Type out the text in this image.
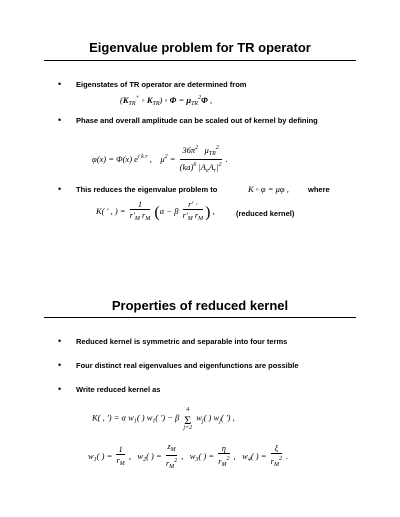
Eigenvalue problem for TR operator
• Eigenstates of TR operator are determined from
($K_{TR}^+$ ◦ $K_{TR}$) ◦ $\Phi = \mu_{TR}^2\Phi$ ,
• Phase and overall amplitude can be scaled out of kernel by defining
φ(x) = Φ(x) $e^{i k r}$ ,    $\mu^2 = \frac{36\pi^2 \mu_{TR}^2}{(ka)^6 |A_eA_r|^2}$ .
• This reduces the eigenvalue problem to	K ◦ φ = μφ ,	where
K( ′ , ) = $\frac{1}{r'_M r_M} (\alpha - \beta \frac{r' \cdot}{r'_M r_M}$ ) ,	(reduced kernel)
Properties of reduced kernel
• Reduced kernel is symmetric and separable into four terms
• Four distinct real eigenvalues and eigenfunctions are possible
• Write reduced kernel as
K( , ′) = α $w_1$( ) $w_1$( ′) − β
4
Σ
j=2
$w_j$( ) $w_j$( ′) ,
$w_1$( ) = $\frac{1}{r_M}$ ,   $w_2$( ) = $\frac{z_M}{r_M^2}$ ,   $w_3$( ) = $\frac{\eta}{r_M^2}$ ,   $w_4$( ) = $\frac{\xi}{r_M^2}$ .
